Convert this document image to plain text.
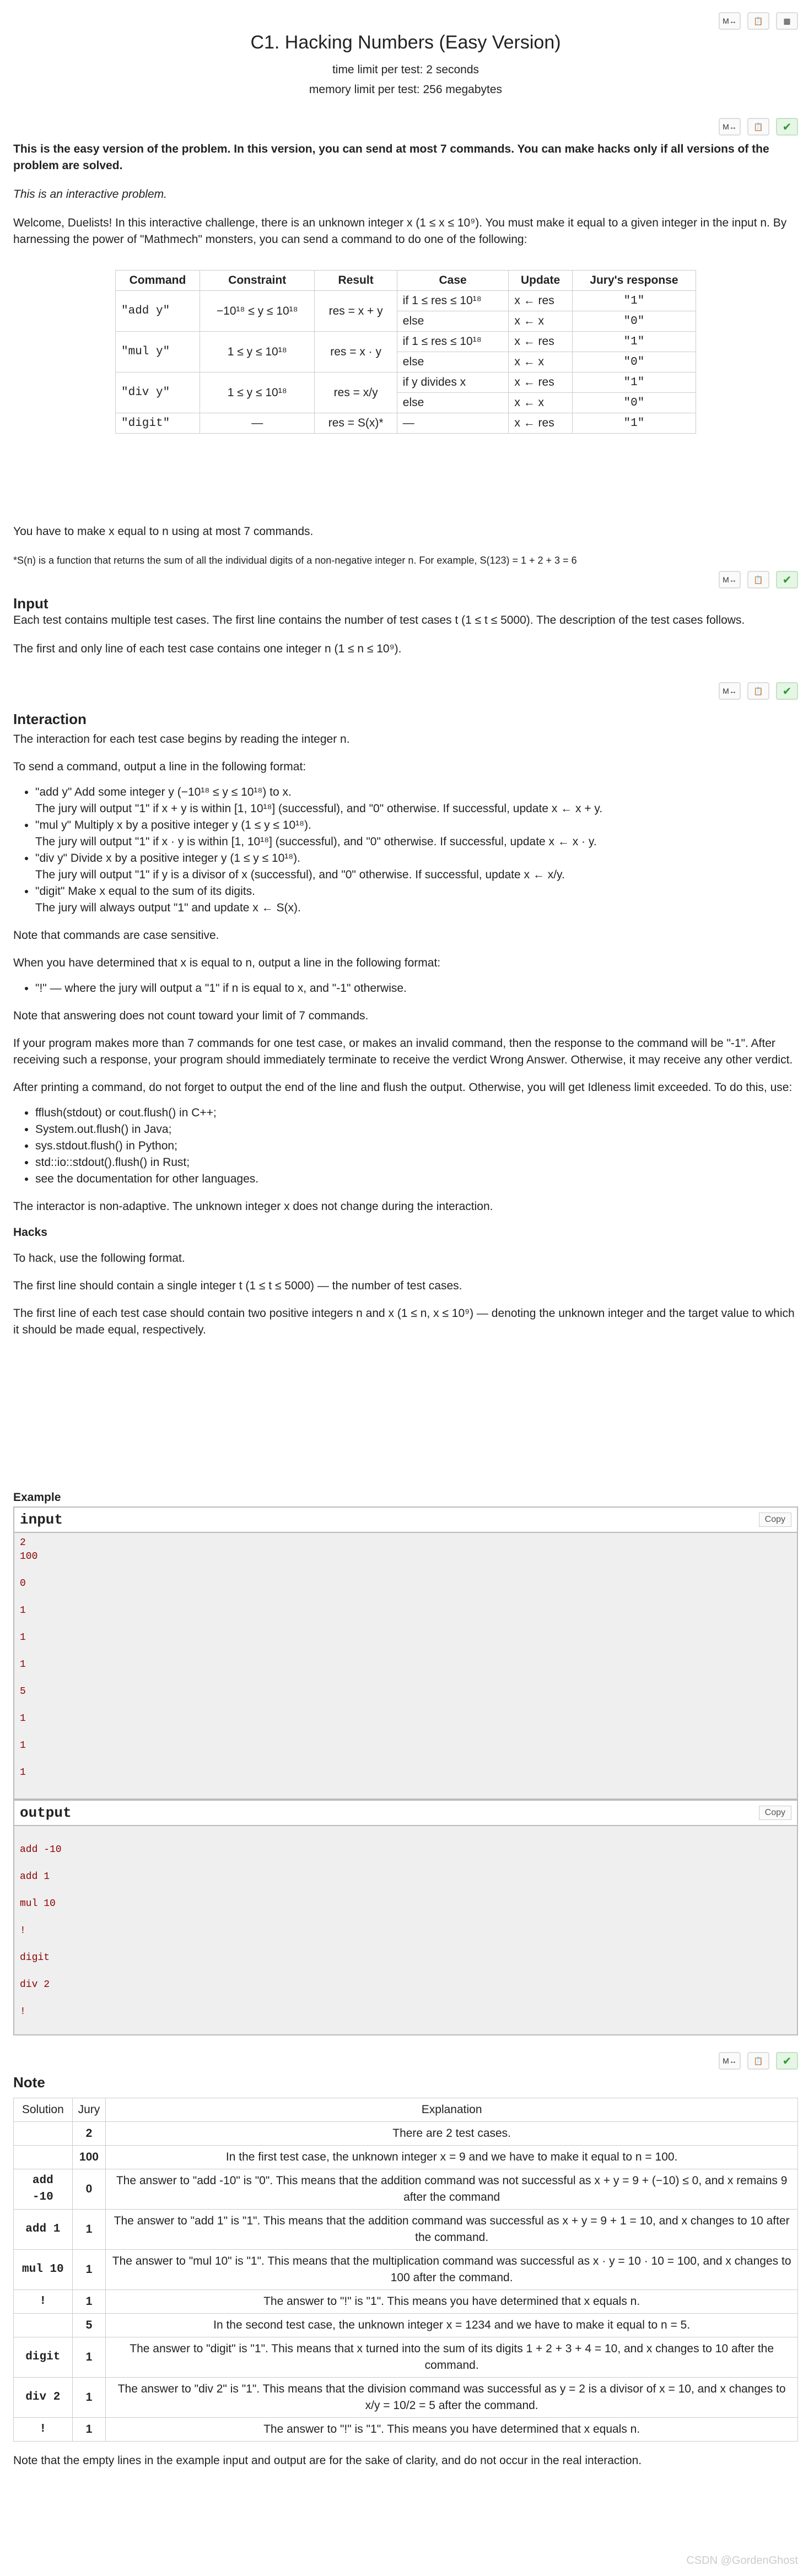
M↔	📋	▦
C1. Hacking Numbers (Easy Version)
time limit per test: 2 seconds
memory limit per test: 256 megabytes
M↔	📋	✔

This is the easy version of the problem. In this version, you can send at most 7 commands. You can make hacks only if all versions of the problem are solved.

This is an interactive problem.

Welcome, Duelists! In this interactive challenge, there is an unknown integer x (1 ≤ x ≤ 10⁹). You must make it equal to a given integer in the input n. By harnessing the power of "Mathmech" monsters, you can send a command to do one of the following:

Command	Constraint	Result	Case	Update	Jury's response
"add y"	−10¹⁸ ≤ y ≤ 10¹⁸	res = x + y	if 1 ≤ res ≤ 10¹⁸	x ← res	"1"
			else	x ← x	"0"
"mul y"	1 ≤ y ≤ 10¹⁸	res = x · y	if 1 ≤ res ≤ 10¹⁸	x ← res	"1"
			else	x ← x	"0"
"div y"	1 ≤ y ≤ 10¹⁸	res = x/y	if y divides x	x ← res	"1"
			else	x ← x	"0"
"digit"	—	res = S(x)*	—	x ← res	"1"

You have to make x equal to n using at most 7 commands.

*S(n) is a function that returns the sum of all the individual digits of a non-negative integer n. For example, S(123) = 1 + 2 + 3 = 6

M↔	📋	✔
Input

Each test contains multiple test cases. The first line contains the number of test cases t (1 ≤ t ≤ 5000). The description of the test cases follows.

The first and only line of each test case contains one integer n (1 ≤ n ≤ 10⁹).

M↔	📋	✔
Interaction

The interaction for each test case begins by reading the integer n.

To send a command, output a line in the following format:

• "add y" Add some integer y (−10¹⁸ ≤ y ≤ 10¹⁸) to x.
The jury will output "1" if x + y is within [1, 10¹⁸] (successful), and "0" otherwise. If successful, update x ← x + y.
• "mul y" Multiply x by a positive integer y (1 ≤ y ≤ 10¹⁸).
The jury will output "1" if x · y is within [1, 10¹⁸] (successful), and "0" otherwise. If successful, update x ← x · y.
• "div y" Divide x by a positive integer y (1 ≤ y ≤ 10¹⁸).
The jury will output "1" if y is a divisor of x (successful), and "0" otherwise. If successful, update x ← x/y.
• "digit" Make x equal to the sum of its digits.
The jury will always output "1" and update x ← S(x).

Note that commands are case sensitive.

When you have determined that x is equal to n, output a line in the following format:

• "!" — where the jury will output a "1" if n is equal to x, and "-1" otherwise.

Note that answering does not count toward your limit of 7 commands.

If your program makes more than 7 commands for one test case, or makes an invalid command, then the response to the command will be "-1". After receiving such a response, your program should immediately terminate to receive the verdict Wrong Answer. Otherwise, it may receive any other verdict.

After printing a command, do not forget to output the end of the line and flush the output. Otherwise, you will get Idleness limit exceeded. To do this, use:

• fflush(stdout) or cout.flush() in C++;
• System.out.flush() in Java;
• sys.stdout.flush() in Python;
• std::io::stdout().flush() in Rust;
• see the documentation for other languages.

The interactor is non-adaptive. The unknown integer x does not change during the interaction.

Hacks

To hack, use the following format.

The first line should contain a single integer t (1 ≤ t ≤ 5000) — the number of test cases.

The first line of each test case should contain two positive integers n and x (1 ≤ n, x ≤ 10⁹) — denoting the unknown integer and the target value to which it should be made equal, respectively.

Example
input	Copy
2
100
0
1
1
1
5
1
1
1
output	Copy
add -10
add 1
mul 10
!
digit
div 2
!
M↔	📋	✔
Note
Solution	Jury	Explanation
	2	There are 2 test cases.
	100	In the first test case, the unknown integer x = 9 and we have to make it equal to n = 100.
add -10	0	The answer to "add -10" is "0". This means that the addition command was not successful as x + y = 9 + (−10) ≤ 0, and x remains 9 after the command
add 1	1	The answer to "add 1" is "1". This means that the addition command was successful as x + y = 9 + 1 = 10, and x changes to 10 after the command.
mul 10	1	The answer to "mul 10" is "1". This means that the multiplication command was successful as x · y = 10 · 10 = 100, and x changes to 100 after the command.
!	1	The answer to "!" is "1". This means you have determined that x equals n.
	5	In the second test case, the unknown integer x = 1234 and we have to make it equal to n = 5.
digit	1	The answer to "digit" is "1". This means that x turned into the sum of its digits 1 + 2 + 3 + 4 = 10, and x changes to 10 after the command.
div 2	1	The answer to "div 2" is "1". This means that the division command was successful as y = 2 is a divisor of x = 10, and x changes to x/y = 10/2 = 5 after the command.
!	1	The answer to "!" is "1". This means you have determined that x equals n.

Note that the empty lines in the example input and output are for the sake of clarity, and do not occur in the real interaction.

CSDN @GordenGhost
